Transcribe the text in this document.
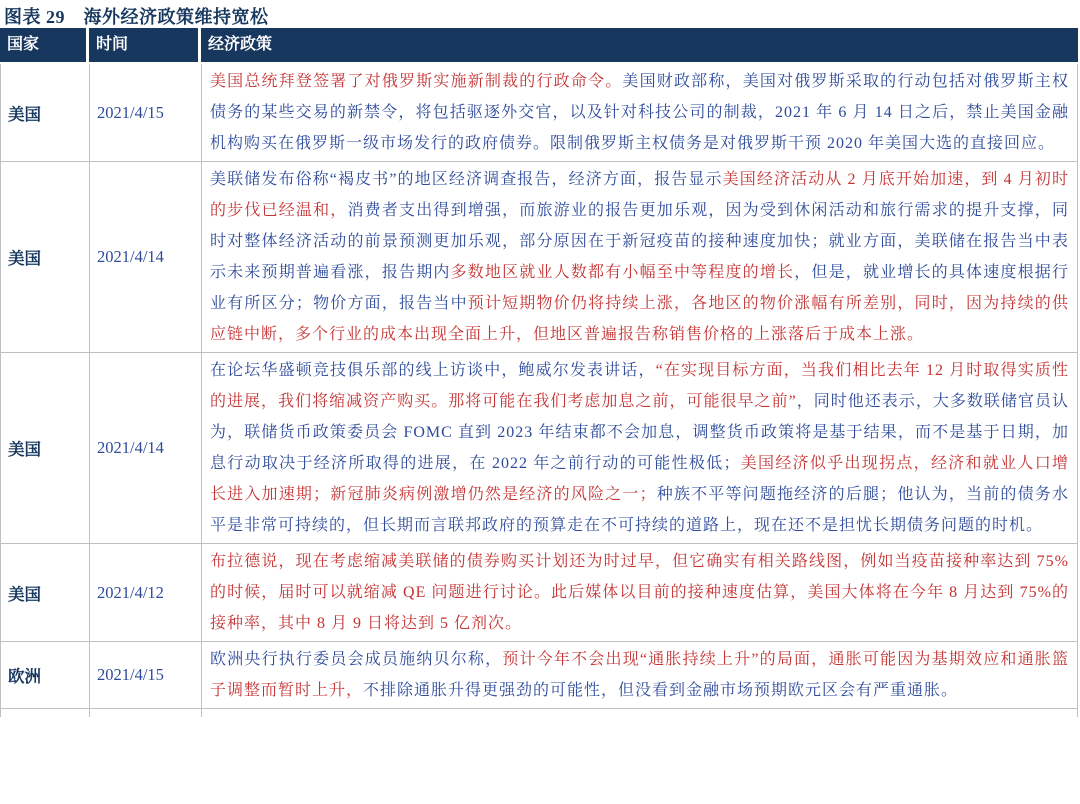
图表 29　海外经济政策维持宽松
国家	时间	经济政策
美国	2021/4/15
美国总统拜登签署了对俄罗斯实施新制裁的行政命令。美国财政部称，美国对俄罗斯采取的行动包括对俄罗斯主权债务的某些交易的新禁令，将包括驱逐外交官，以及针对科技公司的制裁，2021 年 6 月 14 日之后，禁止美国金融机构购买在俄罗斯一级市场发行的政府债券。限制俄罗斯主权债务是对俄罗斯干预 2020 年美国大选的直接回应。
美国	2021/4/14
美联储发布俗称“褐皮书”的地区经济调查报告，经济方面，报告显示美国经济活动从 2 月底开始加速，到 4 月初时的步伐已经温和，消费者支出得到增强，而旅游业的报告更加乐观，因为受到休闲活动和旅行需求的提升支撑，同时对整体经济活动的前景预测更加乐观，部分原因在于新冠疫苗的接种速度加快；就业方面，美联储在报告当中表示未来预期普遍看涨，报告期内多数地区就业人数都有小幅至中等程度的增长，但是，就业增长的具体速度根据行业有所区分；物价方面，报告当中预计短期物价仍将持续上涨，各地区的物价涨幅有所差别，同时，因为持续的供应链中断，多个行业的成本出现全面上升，但地区普遍报告称销售价格的上涨落后于成本上涨。
美国	2021/4/14
在论坛华盛顿竞技俱乐部的线上访谈中，鲍威尔发表讲话，“在实现目标方面，当我们相比去年 12 月时取得实质性的进展，我们将缩减资产购买。那将可能在我们考虑加息之前，可能很早之前”，同时他还表示，大多数联储官员认为，联储货币政策委员会 FOMC 直到 2023 年结束都不会加息，调整货币政策将是基于结果，而不是基于日期，加息行动取决于经济所取得的进展，在 2022 年之前行动的可能性极低；美国经济似乎出现拐点，经济和就业人口增长进入加速期；新冠肺炎病例激增仍然是经济的风险之一；种族不平等问题拖经济的后腿；他认为，当前的债务水平是非常可持续的，但长期而言联邦政府的预算走在不可持续的道路上，现在还不是担忧长期债务问题的时机。
美国	2021/4/12
布拉德说，现在考虑缩减美联储的债券购买计划还为时过早，但它确实有相关路线图，例如当疫苗接种率达到 75%的时候，届时可以就缩减 QE 问题进行讨论。此后媒体以目前的接种速度估算，美国大体将在今年 8 月达到 75%的接种率，其中 8 月 9 日将达到 5 亿剂次。
欧洲	2021/4/15
欧洲央行执行委员会成员施纳贝尔称，预计今年不会出现“通胀持续上升”的局面，通胀可能因为基期效应和通胀篮子调整而暂时上升，不排除通胀升得更强劲的可能性，但没看到金融市场预期欧元区会有严重通胀。
